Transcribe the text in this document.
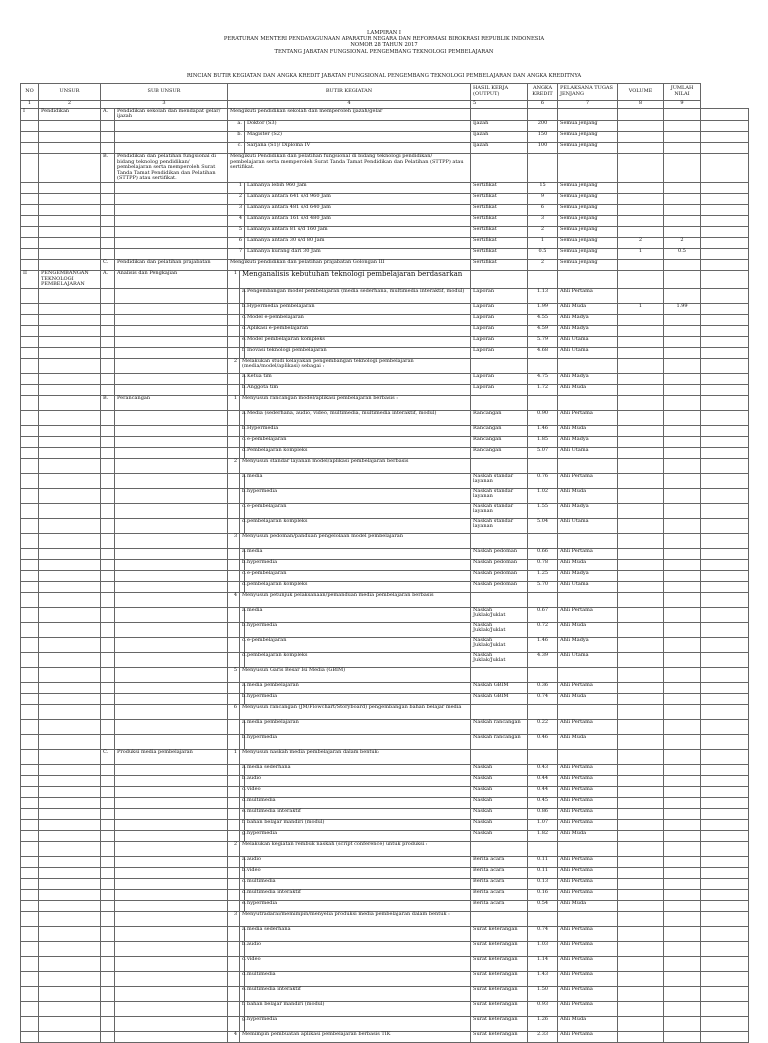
LAMPIRAN I
PERATURAN MENTERI PENDAYAGUNAAN APARATUR NEGARA DAN REFORMASI BIROKRASI REPUBLIK INDONESIA
NOMOR 28 TAHUN 2017
TENTANG JABATAN FUNGSIONAL PENGEMBANG TEKNOLOGI PEMBELAJARAN
RINCIAN BUTIR KEGIATAN DAN ANGKA KREDIT JABATAN FUNGSIONAL PENGEMBANG TEKNOLOGI PEMBELAJARAN DAN ANGKA KREDITNYA
NO	UNSUR	SUB UNSUR		BUTIR KEGIATAN			HASIL KERJA (OUTPUT)	ANGKA KREDIT	PELAKSANA TUGAS JENJANG	VOLUME	JUMLAH NILAI	
1	2	3		4			5	6	7	8	9	
I	Pendidikan	A.	Pendidikan sekolah dan mendapat gelar/ ijazah	Mengikuti pendidikan sekolah dan memperoleh ijazah/gelar								
				a.		Doktor (S3)	Ijazah	200	Semua jenjang			
				b.		Magister (S2)	Ijazah	150	Semua jenjang			
				c.		Sarjana (S1)/ Diploma IV	Ijazah	100	Semua jenjang			
		B.	Pendidikan dan pelatihan fungsional di bidang teknolog pendidikan/ pembelajaran serta memperoleh Surat Tanda Tamat Pendidikan dan Pelatihan (STTPP) atau sertifikat.	Mengikuti Pendidikan dan pelatihan fungsional di bidang teknologi pendidikan/ pembelajaran serta memperoleh Surat Tanda Tamat Pendidikan dan Pelatihan (STTPP) atau sertifikat.								
				1		Lamanya lebih 960 Jam	Sertifikat	15	Semua jenjang			
				2		Lamanya antara 641 s/d 960 Jam	Sertifikat	9	Semua jenjang			
				3		Lamanya antara 481 s/d 640 Jam	Sertifikat	6	Semua jenjang			
				4		Lamanya antara 161 s/d 480 Jam	Sertifikat	3	Semua jenjang			
				5		Lamanya antara 81 s/d 160 Jam	Sertifikat	2	Semua jenjang			
				6		Lamanya antara 30 s/d 80 Jam	Sertifikat	1	Semua jenjang	2	2	
				7		Lamanya kurang dari 30 Jam	Sertifikat	0.5	Semua jenjang	1	0.5	
		C.	Pendidikan dan pelatihan prajabatan	Mengikuti pendidikan dan pelatihan prajabatan Golongan III			Sertifikat	2	Semua jenjang			
II	PENGEMBANGAN TEKNOLOGI PEMBELAJARAN	A.	Analisis dan Pengkajian	1	Menganalisis kebutuhan teknologi pembelajaran berdasarkan							
					a.	Pengembangan model pembelajaran (media sederhana, multimedia interaktif, modul)	Laporan	1.13	Ahli Pertama			
					b.	Hypermedia pembelajaran	Laporan	1.99	Ahli Muda	1	1.99	
					c.	Model e-pembelajaran	Laporan	4.55	Ahli Madya			
					d.	Aplikasi e-pembelajaran	Laporan	4.59	Ahli Madya			
					e.	Model pembelajaran kompleks	Laporan	5.79	Ahli Utama			
					f.	Inovasi teknologi pembelajaran	Laporan	4.68	Ahli Utama			
				2	Melakukan studi kelayakan pengembangan teknologi pembelajaran (media/model/aplikasi) sebagai :							
					a.	Ketua tim	Laporan	4.75	Ahli Madya			
					b.	Anggota tim	Laporan	1.72	Ahli Muda			
		B.	Perancangan	1	Menyusun rancangan model/aplikasi pembelajaran berbasis :							
					a.	Media (sederhana, audio, video, multimedia, multimedia interaktif, modul)	Rancangan	0.90	Ahli Pertama			
					b.	Hypermedia	Rancangan	1.46	Ahli Muda			
					c.	e-pembelajaran	Rancangan	1.85	Ahli Madya			
					d.	Pembelajaran kompleks	Rancangan	5.07	Ahli Utama			
				2	Menyusun standar layanan model/aplikasi pembelajaran berbasis							
					a.	media	Naskah standar layanan	0.76	Ahli Pertama			
					b.	hypermedia	Naskah standar layanan	1.02	Ahli Muda			
					c.	e-pembelajaran	Naskah standar layanan	1.55	Ahli Madya			
					d.	pembelajaran kompleks	Naskah standar layanan	5.04	Ahli Utama			
				3	Menyusun pedoman/panduan pengelolaan model pembelajaran							
					a.	media	Naskah pedoman	0.66	Ahli Pertama			
					b.	hypermedia	Naskah pedoman	0.78	Ahli Muda			
					c.	e-pembelajaran	Naskah pedoman	1.25	Ahli Madya			
					d.	pembelajaran kompleks	Naskah pedoman	5.70	Ahli Utama			
				4	Menyusun petunjuk pelaksanaan/pemanduan media pembelajaran berbasis							
					a.	media	Naskah Juklak/Juklat	0.67	Ahli Pertama			
					b.	hypermedia	Naskah Juklak/Juklat	0.72	Ahli Muda			
					c.	e-pembelajaran	Naskah Juklak/Juklat	1.46	Ahli Madya			
					d.	pembelajaran kompleks	Naskah Juklak/Juklat	4.39	Ahli Utama			
				5	Menyusun Garis Besar Isi Media (GBIM)							
					a.	media pembelajaran	Naskah GBIM	0.36	Ahli Pertama			
					b.	hypermedia	Naskah GBIM	0.74	Ahli Muda			
				6	Menyusun rancangan (JM/Flowchart/Storyboard) pengembangan bahan belajar media							
					a.	media pembelajaran	Naskah rancangan	0.22	Ahli Pertama			
					b.	hypermedia	Naskah rancangan	0.46	Ahli Muda			
		C.	Produksi media pembelajaran	1	Menyusun naskah media pembelajaran dalam bentuk:							
					a.	media sederhana	Naskah	0.43	Ahli Pertama			
					b.	audio	Naskah	0.44	Ahli Pertama			
					c.	video	Naskah	0.44	Ahli Pertama			
					d.	multimedia	Naskah	0.45	Ahli Pertama			
					e.	multimedia interaktif	Naskah	0.86	Ahli Pertama			
					f.	bahan belajar mandiri (modul)	Naskah	1.07	Ahli Pertama			
					g.	hypermedia	Naskah	1.82	Ahli Muda			
				2	Melakukan kegiatan rembuk naskah (script conference) untuk produksi :							
					a.	audio	Berita acara	0.11	Ahli Pertama			
					b.	video	Berita acara	0.11	Ahli Pertama			
					c.	multimedia	Berita acara	0.13	Ahli Pertama			
					d.	multimedia interaktif	Berita acara	0.16	Ahli Pertama			
					e.	hypermedia	Berita acara	0.54	Ahli Muda			
				3	Menyutradarai/memimpin/menyelia produksi media pembelajaran dalam bentuk :							
					a.	media sederhana	Surat keterangan	0.74	Ahli Pertama			
					b.	audio	Surat keterangan	1.03	Ahli Pertama			
					c.	video	Surat keterangan	1.14	Ahli Pertama			
					d.	multimedia	Surat keterangan	1.43	Ahli Pertama			
					e.	multimedia interaktif	Surat keterangan	1.50	Ahli Pertama			
					f.	bahan belajar mandiri (modul)	Surat keterangan	0.93	Ahli Pertama			
					g.	hypermedia	Surat keterangan	1.26	Ahli Muda			
				4	Memimpin pembuatan aplikasi pembelajaran berbasis TIK		Surat keterangan	2.33	Ahli Pertama			
